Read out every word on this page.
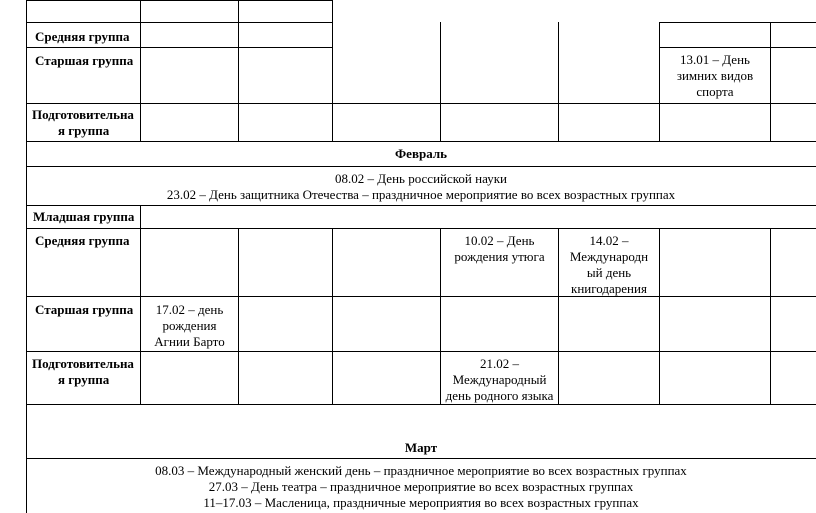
Средняя группа
Старшая группа
Подготовительна
я группа
13.01 – День
зимних видов
спорта
Февраль
08.02 – День российской науки
23.02 – День защитника Отечества – праздничное мероприятие во всех возрастных группах
Младшая группа
Средняя группа
Старшая группа
Подготовительна
я группа
10.02 – День
рождения утюга
14.02 –
Международн
ый день
книгодарения
17.02 – день
рождения
Агнии Барто
21.02 –
Международный
день родного языка
Март
08.03 – Международный женский день – праздничное мероприятие во всех возрастных группах
27.03 – День театра – праздничное мероприятие во всех возрастных группах
11–17.03 – Масленица, праздничные мероприятия во всех возрастных группах
